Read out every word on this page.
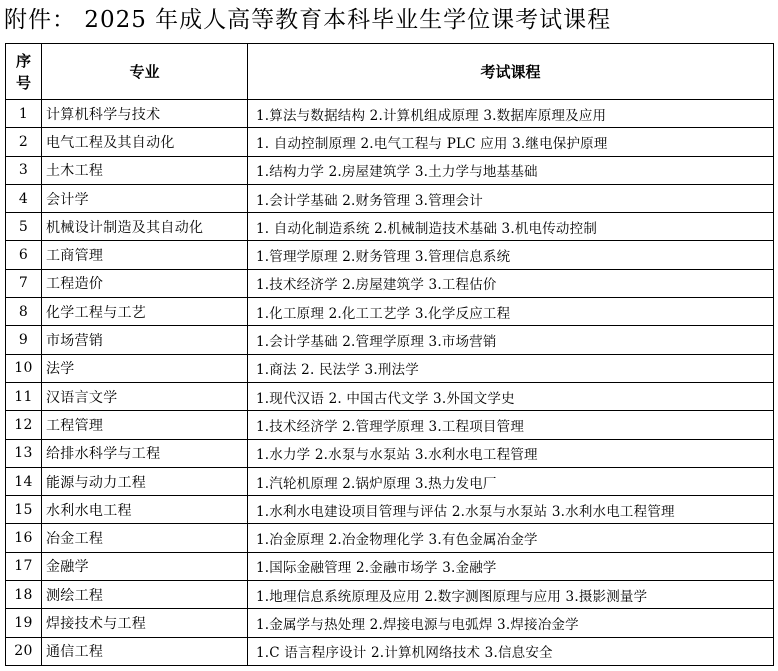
附件： 2025 年成人高等教育本科毕业生学位课考试课程
序
号	专业	考试课程
1	计算机科学与技术	1.算法与数据结构 2.计算机组成原理 3.数据库原理及应用
2	电气工程及其自动化	1. 自动控制原理 2.电气工程与 PLC 应用 3.继电保护原理
3	土木工程	1.结构力学 2.房屋建筑学 3.土力学与地基基础
4	会计学	1.会计学基础 2.财务管理 3.管理会计
5	机械设计制造及其自动化	1. 自动化制造系统 2.机械制造技术基础 3.机电传动控制
6	工商管理	1.管理学原理 2.财务管理 3.管理信息系统
7	工程造价	1.技术经济学 2.房屋建筑学 3.工程估价
8	化学工程与工艺	1.化工原理 2.化工工艺学 3.化学反应工程
9	市场营销	1.会计学基础 2.管理学原理 3.市场营销
10	法学	1.商法 2. 民法学 3.刑法学
11	汉语言文学	1.现代汉语 2. 中国古代文学 3.外国文学史
12	工程管理	1.技术经济学 2.管理学原理 3.工程项目管理
13	给排水科学与工程	1.水力学 2.水泵与水泵站 3.水利水电工程管理
14	能源与动力工程	1.汽轮机原理 2.锅炉原理 3.热力发电厂
15	水利水电工程	1.水利水电建设项目管理与评估 2.水泵与水泵站 3.水利水电工程管理
16	冶金工程	1.冶金原理 2.冶金物理化学 3.有色金属冶金学
17	金融学	1.国际金融管理 2.金融市场学 3.金融学
18	测绘工程	1.地理信息系统原理及应用 2.数字测图原理与应用 3.摄影测量学
19	焊接技术与工程	1.金属学与热处理 2.焊接电源与电弧焊 3.焊接冶金学
20	通信工程	1.C 语言程序设计 2.计算机网络技术 3.信息安全
